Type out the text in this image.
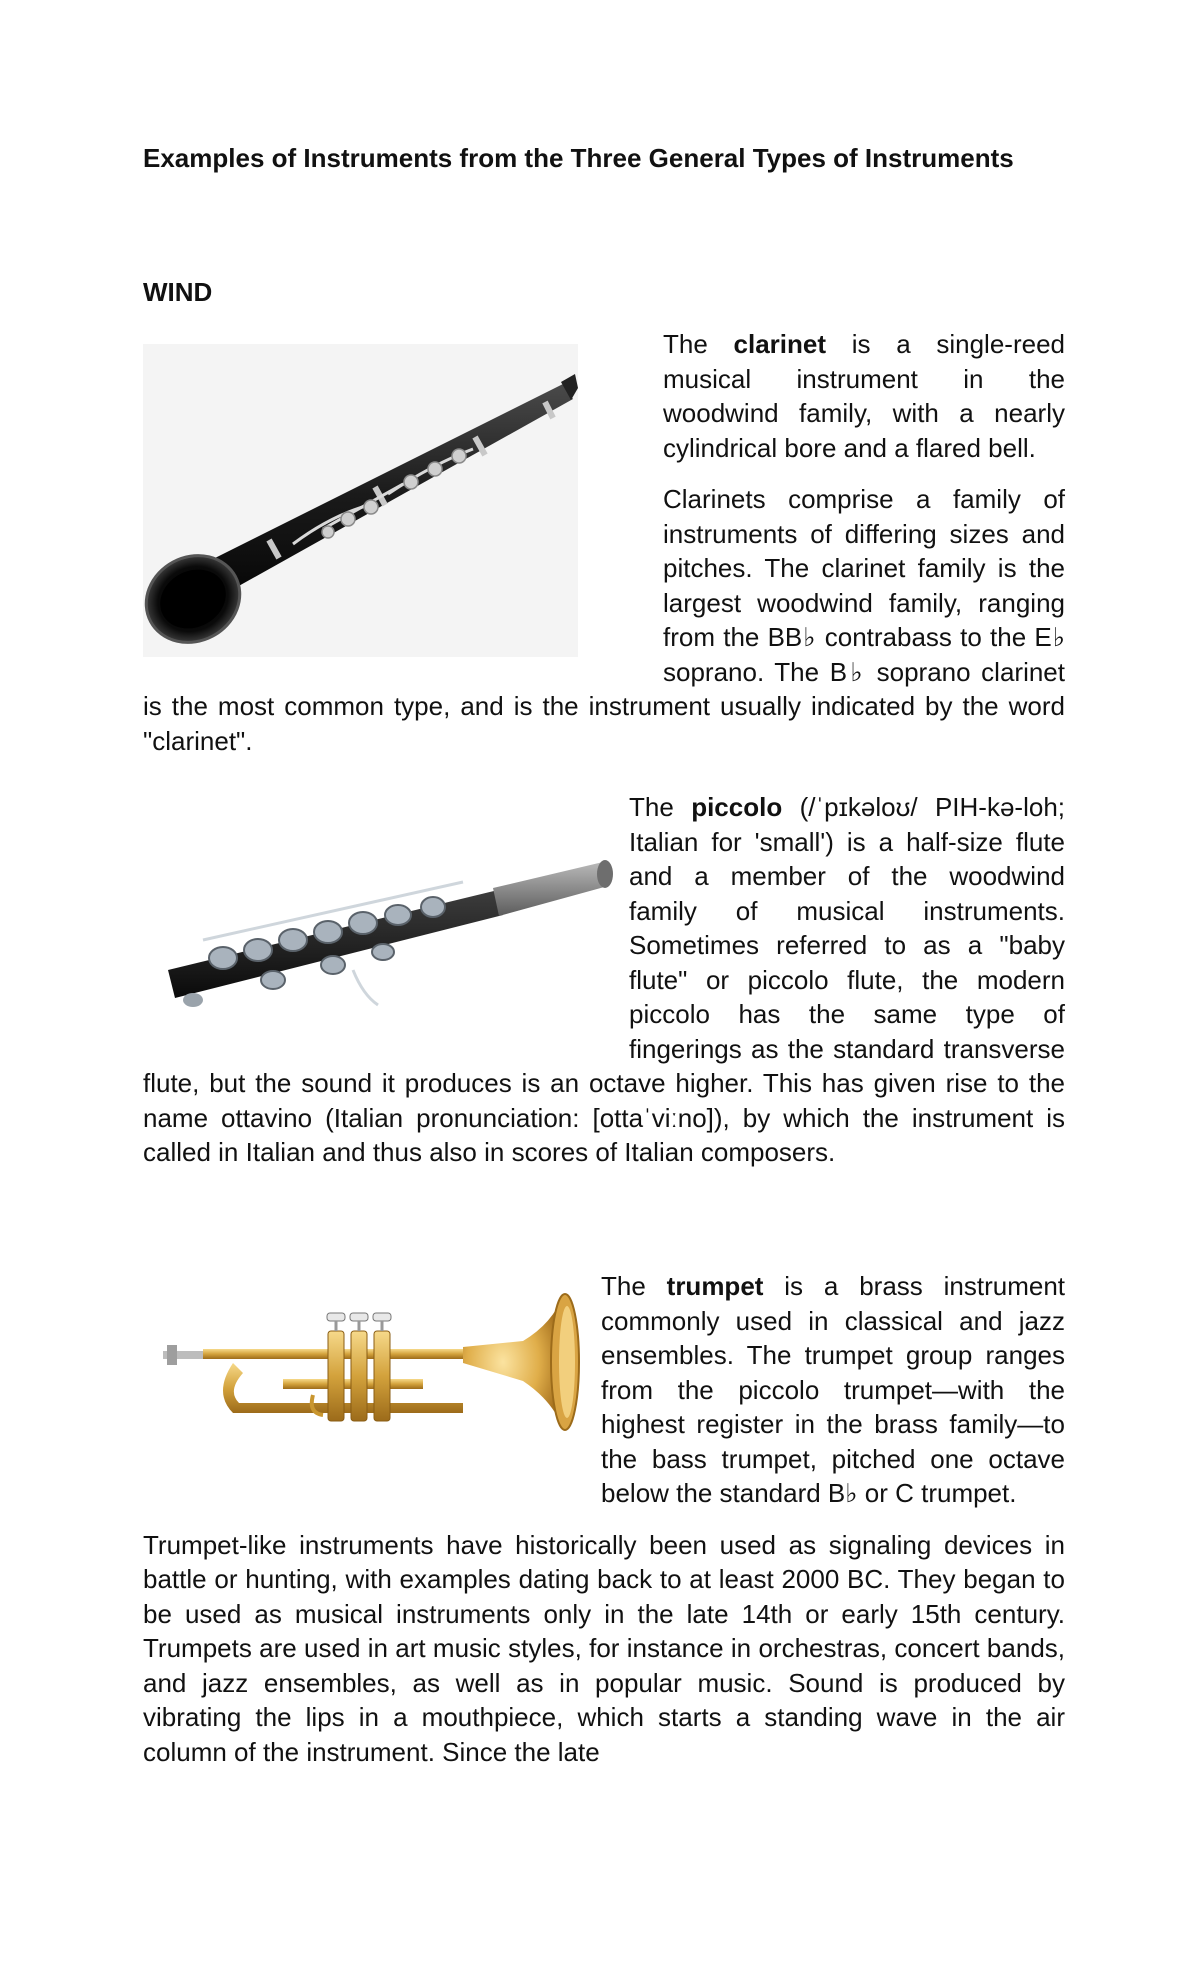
Examples of Instruments from the Three General Types of Instruments
WIND

The clarinet is a single-reed musical instrument in the woodwind family, with a nearly cylindrical bore and a flared bell.

Clarinets comprise a family of instruments of differing sizes and pitches. The clarinet family is the largest woodwind family, ranging from the BB♭ contrabass to the E♭ soprano. The B♭ soprano clarinet is the most common type, and is the instrument usually indicated by the word "clarinet".

The piccolo (/ˈpɪkəloʊ/ PIH-kə-loh; Italian for 'small') is a half-size flute and a member of the woodwind family of musical instruments. Sometimes referred to as a "baby flute" or piccolo flute, the modern piccolo has the same type of fingerings as the standard transverse flute, but the sound it produces is an octave higher. This has given rise to the name ottavino (Italian pronunciation: [ottaˈviːno]), by which the instrument is called in Italian and thus also in scores of Italian composers.

The trumpet is a brass instrument commonly used in classical and jazz ensembles. The trumpet group ranges from the piccolo trumpet—with the highest register in the brass family—to the bass trumpet, pitched one octave below the standard B♭ or C trumpet.

Trumpet-like instruments have historically been used as signaling devices in battle or hunting, with examples dating back to at least 2000 BC. They began to be used as musical instruments only in the late 14th or early 15th century. Trumpets are used in art music styles, for instance in orchestras, concert bands, and jazz ensembles, as well as in popular music. Sound is produced by vibrating the lips in a mouthpiece, which starts a standing wave in the air column of the instrument. Since the late
